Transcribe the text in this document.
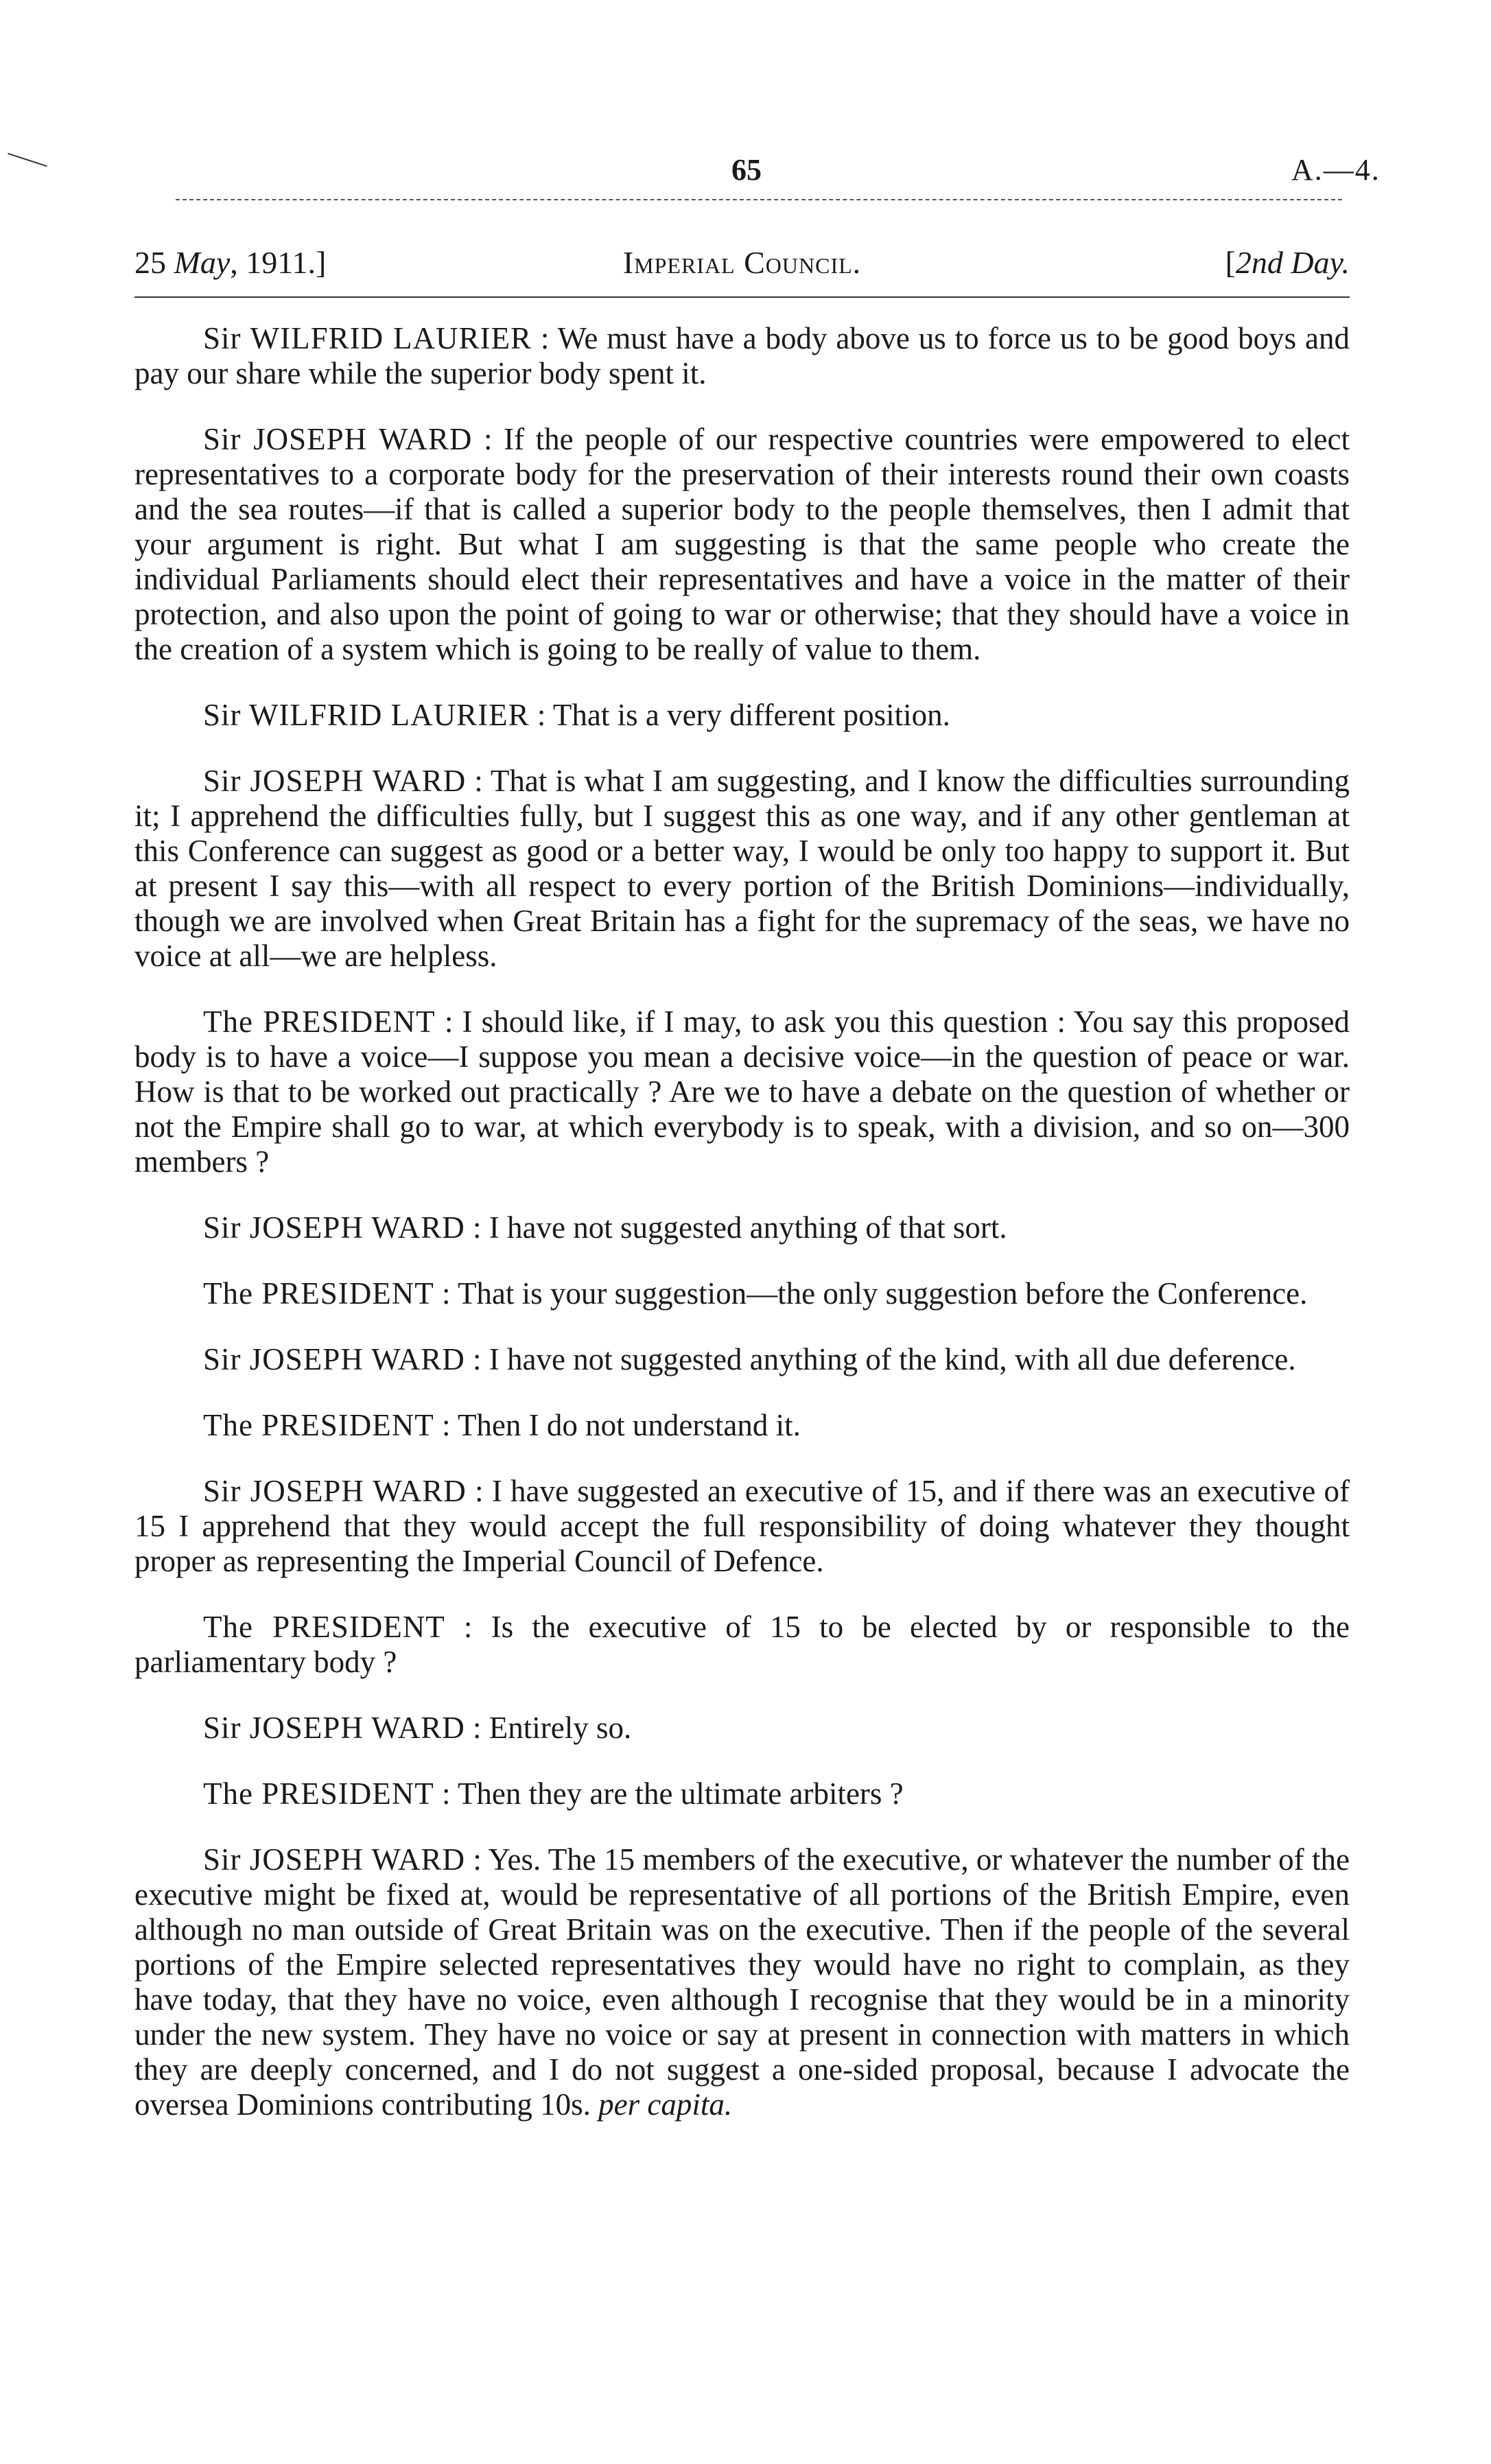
65	A.—4.
25 May, 1911.]	Imperial Council.	[2nd Day.

Sir WILFRID LAURIER : We must have a body above us to force us to be good boys and pay our share while the superior body spent it.

Sir JOSEPH WARD : If the people of our respective countries were empowered to elect representatives to a corporate body for the preservation of their interests round their own coasts and the sea routes—if that is called a superior body to the people themselves, then I admit that your argument is right. But what I am suggesting is that the same people who create the individual Parliaments should elect their representatives and have a voice in the matter of their protection, and also upon the point of going to war or otherwise; that they should have a voice in the creation of a system which is going to be really of value to them.

Sir WILFRID LAURIER : That is a very different position.

Sir JOSEPH WARD : That is what I am suggesting, and I know the difficulties surrounding it; I apprehend the difficulties fully, but I suggest this as one way, and if any other gentleman at this Conference can suggest as good or a better way, I would be only too happy to support it. But at present I say this—with all respect to every portion of the British Dominions—individually, though we are involved when Great Britain has a fight for the supremacy of the seas, we have no voice at all—we are helpless.

The PRESIDENT : I should like, if I may, to ask you this question : You say this proposed body is to have a voice—I suppose you mean a decisive voice—in the question of peace or war. How is that to be worked out practically ? Are we to have a debate on the question of whether or not the Empire shall go to war, at which everybody is to speak, with a division, and so on—300 members ?

Sir JOSEPH WARD : I have not suggested anything of that sort.

The PRESIDENT : That is your suggestion—the only suggestion before the Conference.

Sir JOSEPH WARD : I have not suggested anything of the kind, with all due deference.

The PRESIDENT : Then I do not understand it.

Sir JOSEPH WARD : I have suggested an executive of 15, and if there was an executive of 15 I apprehend that they would accept the full responsibility of doing whatever they thought proper as representing the Imperial Council of Defence.

The PRESIDENT : Is the executive of 15 to be elected by or responsible to the parliamentary body ?

Sir JOSEPH WARD : Entirely so.

The PRESIDENT : Then they are the ultimate arbiters ?

Sir JOSEPH WARD : Yes. The 15 members of the executive, or whatever the number of the executive might be fixed at, would be representative of all portions of the British Empire, even although no man outside of Great Britain was on the executive. Then if the people of the several portions of the Empire selected representatives they would have no right to complain, as they have today, that they have no voice, even although I recognise that they would be in a minority under the new system. They have no voice or say at present in connection with matters in which they are deeply concerned, and I do not suggest a one-sided proposal, because I advocate the oversea Dominions contributing 10s. per capita.
